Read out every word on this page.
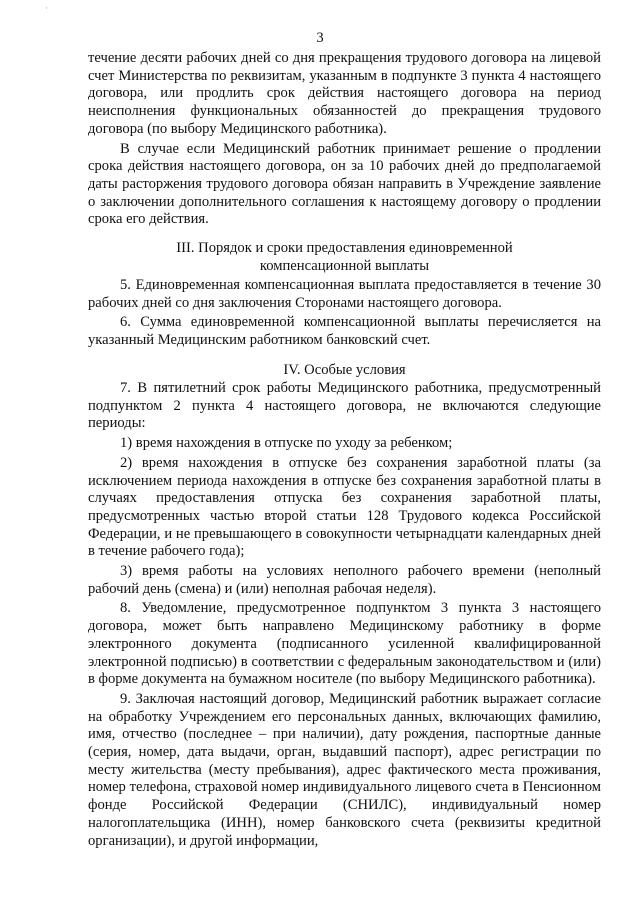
·
3

течение десяти рабочих дней со дня прекращения трудового договора на лицевой счет Министерства по реквизитам, указанным в подпункте 3 пункта 4 настоящего договора, или продлить срок действия настоящего договора на период неисполнения функциональных обязанностей до прекращения трудового договора (по выбору Медицинского работника).

В случае если Медицинский работник принимает решение о продлении срока действия настоящего договора, он за 10 рабочих дней до предполагаемой даты расторжения трудового договора обязан направить в Учреждение заявление о заключении дополнительного соглашения к настоящему договору о продлении срока его действия.

III. Порядок и сроки предоставления единовременной
компенсационной выплаты

5. Единовременная компенсационная выплата предоставляется в течение 30 рабочих дней со дня заключения Сторонами настоящего договора.

6. Сумма единовременной компенсационной выплаты перечисляется на указанный Медицинским работником банковский счет.

IV. Особые условия

7. В пятилетний срок работы Медицинского работника, предусмотренный подпунктом 2 пункта 4 настоящего договора, не включаются следующие периоды:

1) время нахождения в отпуске по уходу за ребенком;

2) время нахождения в отпуске без сохранения заработной платы (за исключением периода нахождения в отпуске без сохранения заработной платы в случаях предоставления отпуска без сохранения заработной платы, предусмотренных частью второй статьи 128 Трудового кодекса Российской Федерации, и не превышающего в совокупности четырнадцати календарных дней в течение рабочего года);

3) время работы на условиях неполного рабочего времени (неполный рабочий день (смена) и (или) неполная рабочая неделя).

8. Уведомление, предусмотренное подпунктом 3 пункта 3 настоящего договора, может быть направлено Медицинскому работнику в форме электронного документа (подписанного усиленной квалифицированной электронной подписью) в соответствии с федеральным законодательством и (или) в форме документа на бумажном носителе (по выбору Медицинского работника).

9. Заключая настоящий договор, Медицинский работник выражает согласие на обработку Учреждением его персональных данных, включающих фамилию, имя, отчество (последнее – при наличии), дату рождения, паспортные данные (серия, номер, дата выдачи, орган, выдавший паспорт), адрес регистрации по месту жительства (месту пребывания), адрес фактического места проживания, номер телефона, страховой номер индивидуального лицевого счета в Пенсионном фонде Российской Федерации (СНИЛС), индивидуальный номер налогоплательщика (ИНН), номер банковского счета (реквизиты кредитной организации), и другой информации,
